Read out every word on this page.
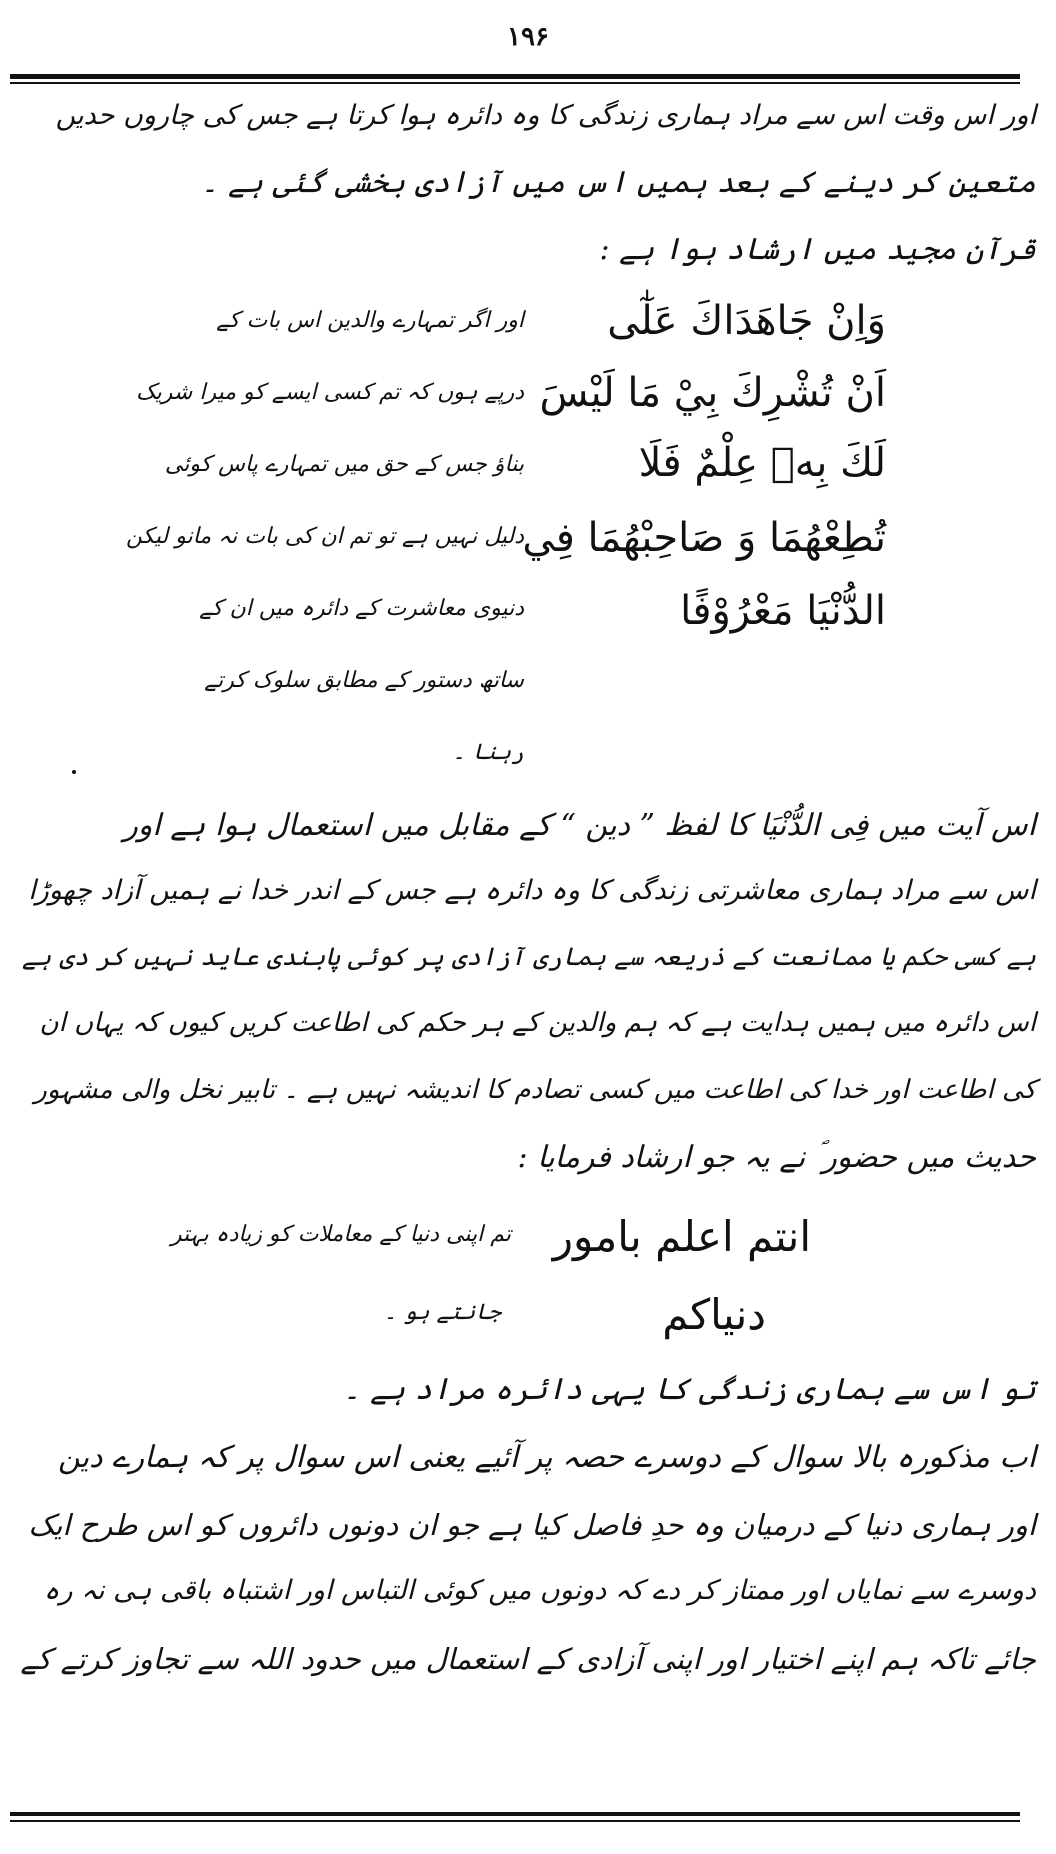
۱۹۶
اور اس وقت اس سے مراد ہماری زندگی کا وہ دائرہ ہوا کرتا ہے جس کی چاروں حدیں
متعین کر دینے کے بعد ہمیں اس میں آزادی بخشی گئی ہے ۔
قرآن مجید میں ارشاد ہوا ہے :
وَاِنْ جَاهَدَاكَ عَلٰٓى
اَنْ تُشْرِكَ بِيْ مَا لَيْسَ
لَكَ بِهٖ عِلْمٌ فَلَا
تُطِعْهُمَا وَ صَاحِبْهُمَا فِي
الدُّنْيَا مَعْرُوْفًا
اور اگر تمہارے والدین اس بات کے
درپے ہوں کہ تم کسی ایسے کو میرا شریک
بناؤ جس کے حق میں تمہارے پاس کوئی
دلیل نہیں ہے تو تم ان کی بات نہ مانو لیکن
دنیوی معاشرت کے دائرہ میں ان کے
ساتھ دستور کے مطابق سلوک کرتے
رہنا ۔
اس آیت میں فِی الدُّنْیَا کا لفظ ” دین “ کے مقابل میں استعمال ہوا ہے اور
اس سے مراد ہماری معاشرتی زندگی کا وہ دائرہ ہے جس کے اندر خدا نے ہمیں آزاد چھوڑا
ہے کسی حکم یا ممانعت کے ذریعہ سے ہماری آزادی پر کوئی پابندی عاید نہیں کر دی ہے
اس دائرہ میں ہمیں ہدایت ہے کہ ہم والدین کے ہر حکم کی اطاعت کریں کیوں کہ یہاں ان
کی اطاعت اور خدا کی اطاعت میں کسی تصادم کا اندیشہ نہیں ہے ۔ تابیر نخل والی مشہور
حدیث میں حضور ؐ نے یہ جو ارشاد فرمایا :
انتم اعلم بامور
دنیاکم
تم اپنی دنیا کے معاملات کو زیادہ بہتر
جانتے ہو ۔
تو اس سے ہماری زندگی کا یہی دائرہ مراد ہے ۔
اب مذکورہ بالا سوال کے دوسرے حصہ پر آئیے یعنی اس سوال پر کہ ہمارے دین
اور ہماری دنیا کے درمیان وہ حدِ فاصل کیا ہے جو ان دونوں دائروں کو اس طرح ایک
دوسرے سے نمایاں اور ممتاز کر دے کہ دونوں میں کوئی التباس اور اشتباہ باقی ہی نہ رہ
جائے تاکہ ہم اپنے اختیار اور اپنی آزادی کے استعمال میں حدود اللہ سے تجاوز کرتے کے
